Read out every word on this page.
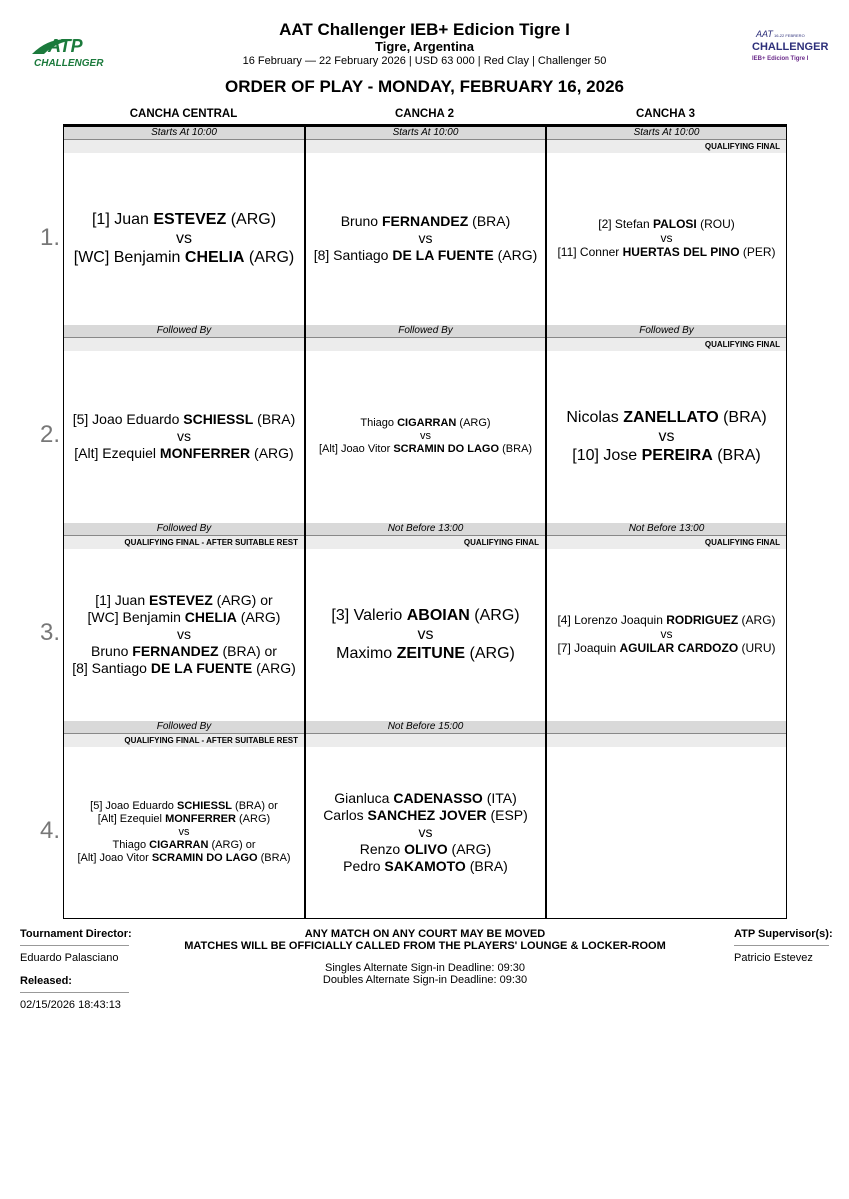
ATP
CHALLENGER
AAT 16-22 FEBRERO
CHALLENGER
IEB+ Edicion Tigre I
AAT Challenger IEB+ Edicion Tigre I
Tigre, Argentina
16 February — 22 February 2026 | USD 63 000 | Red Clay | Challenger 50
ORDER OF PLAY - MONDAY, FEBRUARY 16, 2026
CANCHA CENTRAL	CANCHA 2	CANCHA 3
1.
2.
3.
4.
Starts At 10:00
[1] Juan ESTEVEZ (ARG)
vs
[WC] Benjamin CHELIA (ARG)
Starts At 10:00
Bruno FERNANDEZ (BRA)
vs
[8] Santiago DE LA FUENTE (ARG)
Starts At 10:00
QUALIFYING FINAL
[2] Stefan PALOSI (ROU)
vs
[11] Conner HUERTAS DEL PINO (PER)
Followed By
[5] Joao Eduardo SCHIESSL (BRA)
vs
[Alt] Ezequiel MONFERRER (ARG)
Followed By
Thiago CIGARRAN (ARG)
vs
[Alt] Joao Vitor SCRAMIN DO LAGO (BRA)
Followed By
QUALIFYING FINAL
Nicolas ZANELLATO (BRA)
vs
[10] Jose PEREIRA (BRA)
Followed By
QUALIFYING FINAL - AFTER SUITABLE REST
[1] Juan ESTEVEZ (ARG) or
[WC] Benjamin CHELIA (ARG)
vs
Bruno FERNANDEZ (BRA) or
[8] Santiago DE LA FUENTE (ARG)
Not Before 13:00
QUALIFYING FINAL
[3] Valerio ABOIAN (ARG)
vs
Maximo ZEITUNE (ARG)
Not Before 13:00
QUALIFYING FINAL
[4] Lorenzo Joaquin RODRIGUEZ (ARG)
vs
[7] Joaquin AGUILAR CARDOZO (URU)
Followed By
QUALIFYING FINAL - AFTER SUITABLE REST
[5] Joao Eduardo SCHIESSL (BRA) or
[Alt] Ezequiel MONFERRER (ARG)
vs
Thiago CIGARRAN (ARG) or
[Alt] Joao Vitor SCRAMIN DO LAGO (BRA)
Not Before 15:00
Gianluca CADENASSO (ITA)
Carlos SANCHEZ JOVER (ESP)
vs
Renzo OLIVO (ARG)
Pedro SAKAMOTO (BRA)
Tournament Director:
Eduardo Palasciano
Released:
02/15/2026 18:43:13
ANY MATCH ON ANY COURT MAY BE MOVED
MATCHES WILL BE OFFICIALLY CALLED FROM THE PLAYERS' LOUNGE & LOCKER-ROOM
Singles Alternate Sign-in Deadline: 09:30
Doubles Alternate Sign-in Deadline: 09:30
ATP Supervisor(s):
Patricio Estevez
